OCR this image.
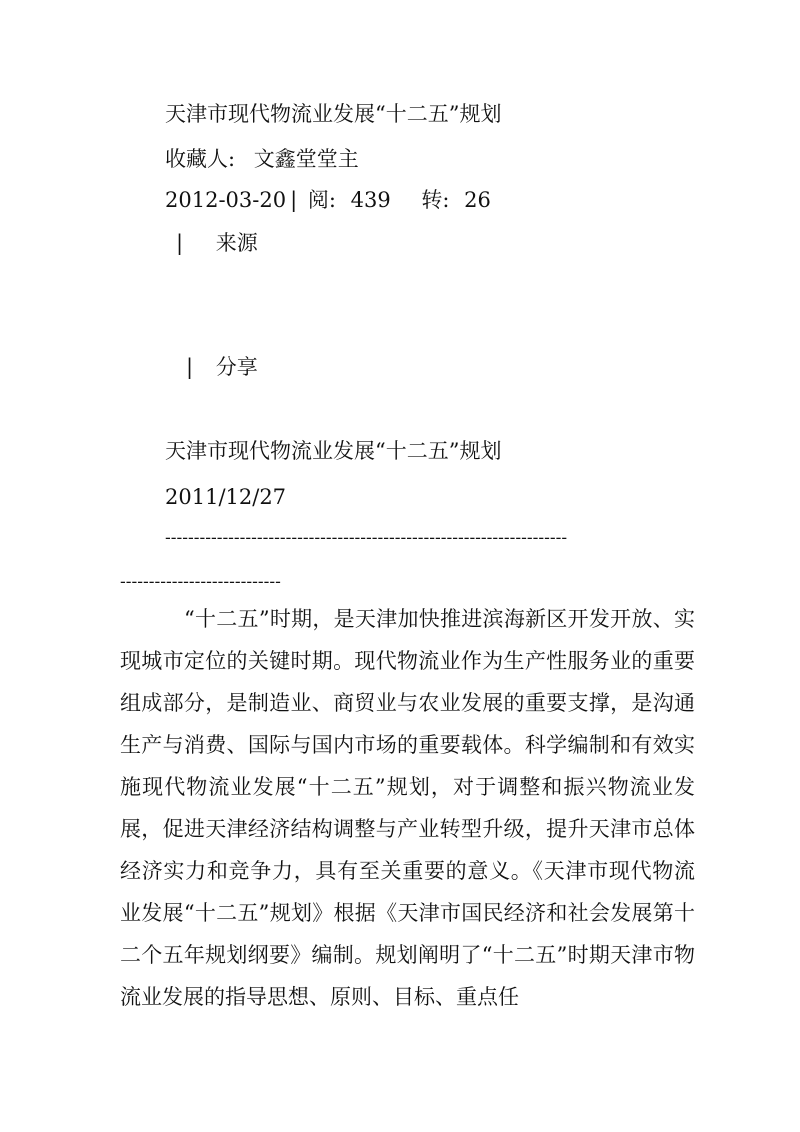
天津市现代物流业发展“十二五”规划
收藏人: 文鑫堂堂主
2012-03-20 | 阅: 439 转: 26
| 来源
| 分享
天津市现代物流业发展“十二五”规划
2011/12/27
----------------------------------------------------------------------
----------------------------

“十二五”时期，是天津加快推进滨海新区开发开放、实现城市定位的关键时期。现代物流业作为生产性服务业的重要组成部分，是制造业、商贸业与农业发展的重要支撑，是沟通生产与消费、国际与国内市场的重要载体。科学编制和有效实施现代物流业发展“十二五”规划，对于调整和振兴物流业发展，促进天津经济结构调整与产业转型升级，提升天津市总体经济实力和竞争力，具有至关重要的意义。《天津市现代物流业发展“十二五”规划》根据《天津市国民经济和社会发展第十二个五年规划纲要》编制。规划阐明了“十二五”时期天津市物流业发展的指导思想、原则、目标、重点任
